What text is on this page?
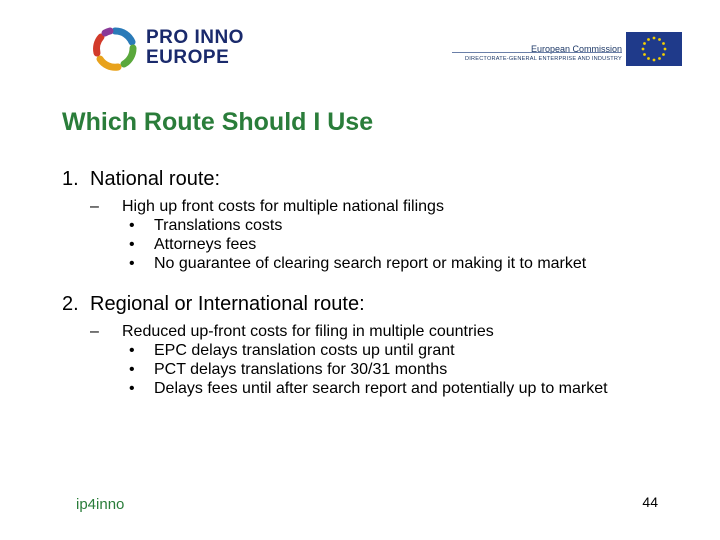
PRO INNO
EUROPE	European Commission
DIRECTORATE-GENERAL ENTERPRISE AND INDUSTRY
Which Route Should I Use
1. National route:
– High up front costs for multiple national filings
• Translations costs
• Attorneys fees
• No guarantee of clearing search report or making it to market
2. Regional or International route:
– Reduced up-front costs for filing in multiple countries
• EPC delays translation costs up until grant
• PCT delays translations for 30/31 months
• Delays fees until after search report and potentially up to market
ip4inno	44
